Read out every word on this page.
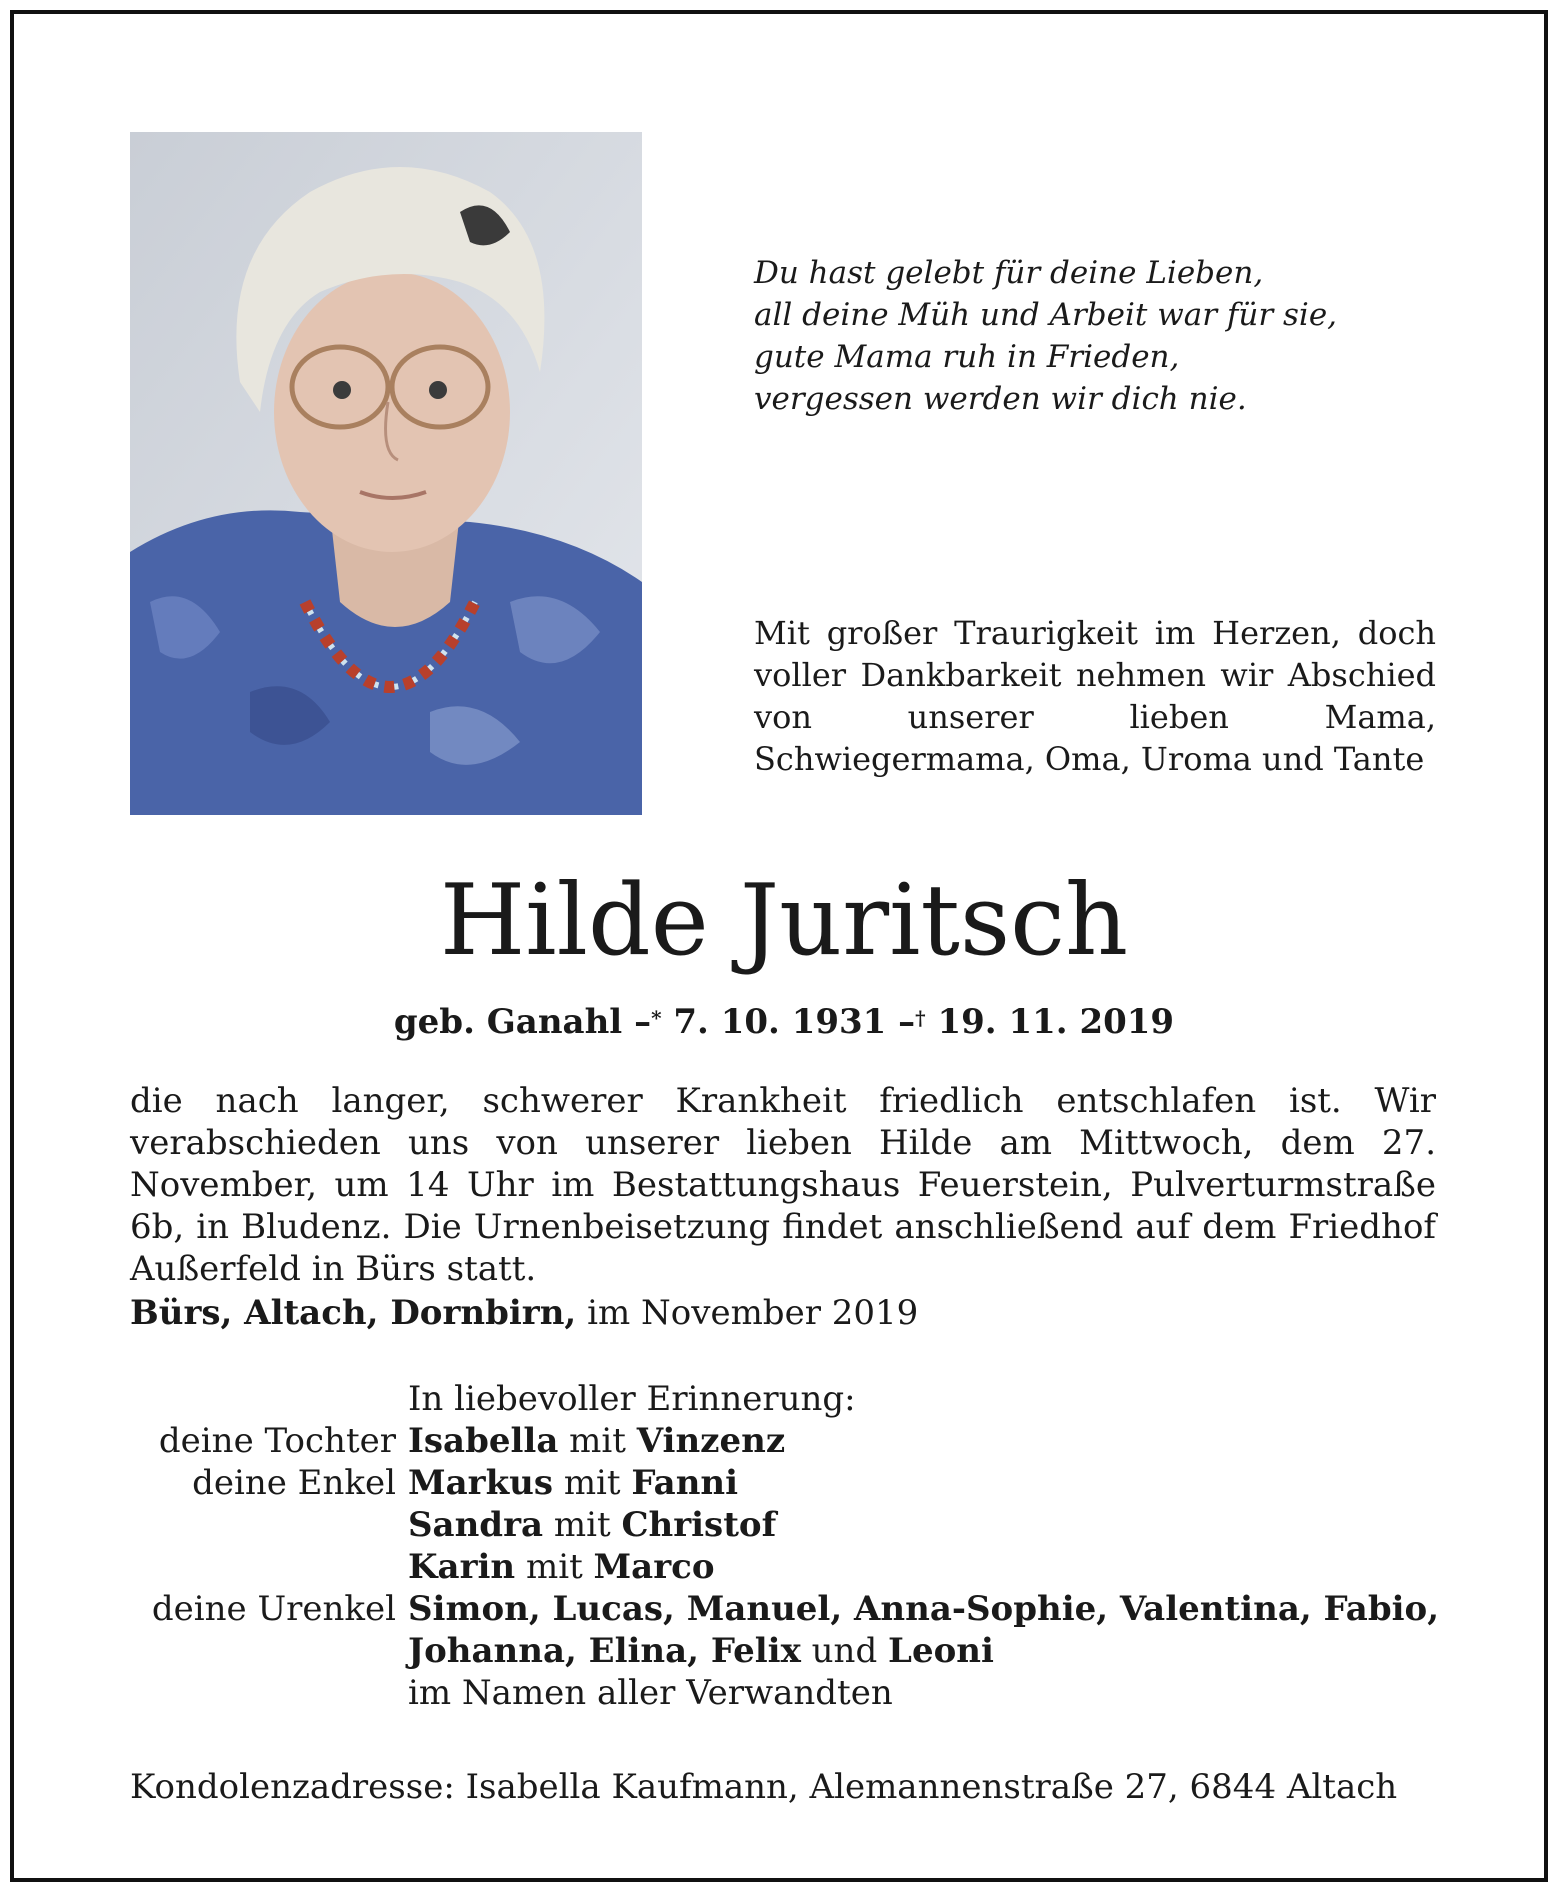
Du hast gelebt für deine Lieben,
all deine Müh und Arbeit war für sie,
gute Mama ruh in Frieden,
vergessen werden wir dich nie.
Mit großer Traurigkeit im Herzen, doch voller Dankbarkeit nehmen wir Abschied von unserer lieben Mama, Schwiegermama, Oma, Uroma und Tante
Hilde Juritsch
geb. Ganahl –* 7. 10. 1931 –† 19. 11. 2019
die nach langer, schwerer Krankheit friedlich entschlafen ist. Wir verabschieden uns von unserer lieben Hilde am Mittwoch, dem 27. November, um 14 Uhr im Bestattungshaus Feuerstein, Pulverturmstraße 6b, in Bludenz. Die Urnenbeisetzung findet anschließend auf dem Friedhof Außerfeld in Bürs statt.
Bürs, Altach, Dornbirn, im November 2019
In liebevoller Erinnerung:
deine Tochter Isabella mit Vinzenz
deine Enkel Markus mit Fanni
Sandra mit Christof
Karin mit Marco
deine Urenkel Simon, Lucas, Manuel, Anna-Sophie, Valentina, Fabio,
Johanna, Elina, Felix und Leoni
im Namen aller Verwandten
Kondolenzadresse: Isabella Kaufmann, Alemannenstraße 27, 6844 Altach
